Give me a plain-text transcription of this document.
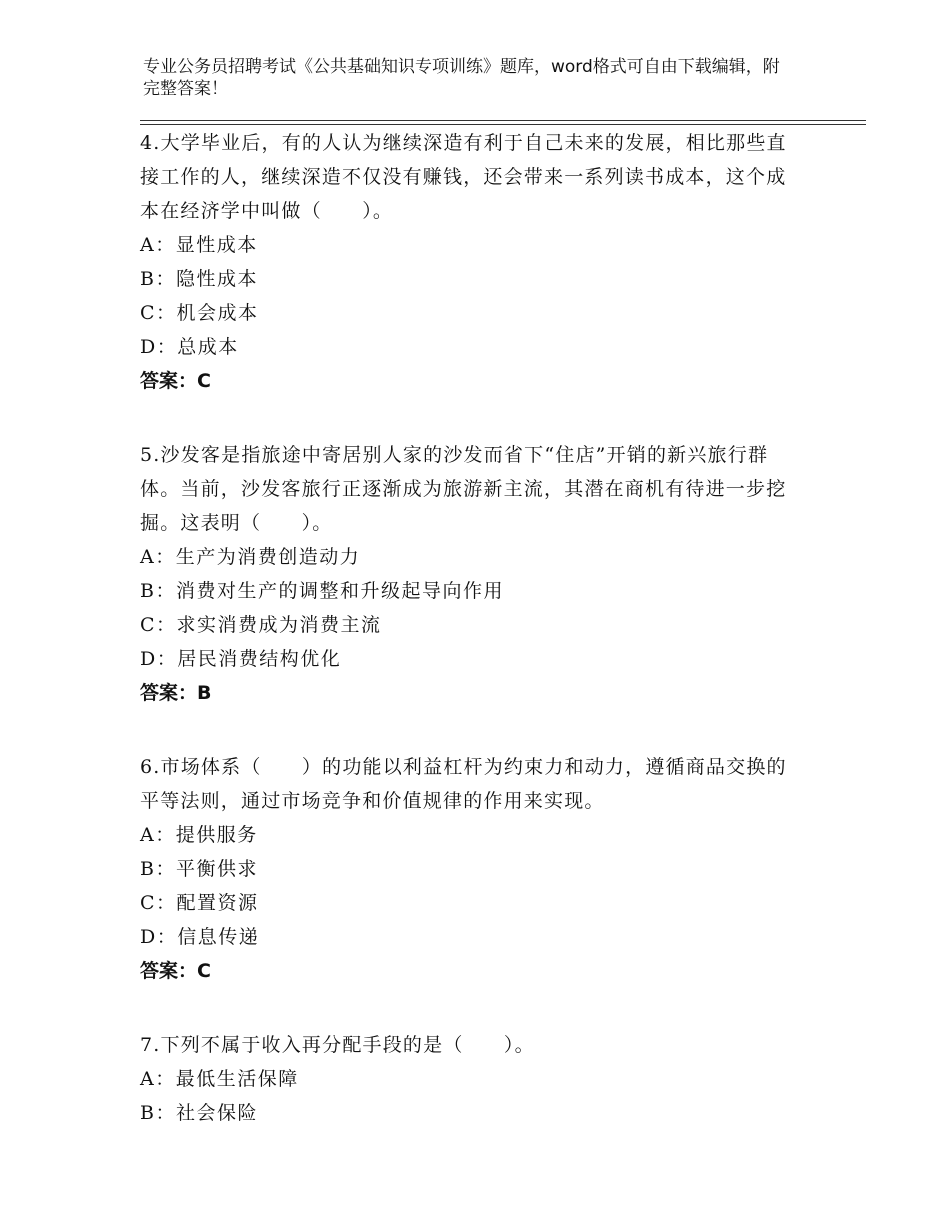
专业公务员招聘考试《公共基础知识专项训练》题库，word格式可自由下载编辑，附完整答案！

4.大学毕业后，有的人认为继续深造有利于自己未来的发展，相比那些直接工作的人，继续深造不仅没有赚钱，还会带来一系列读书成本，这个成本在经济学中叫做（　　）。

A：显性成本

B：隐性成本

C：机会成本

D：总成本

答案：C

5.沙发客是指旅途中寄居别人家的沙发而省下“住店”开销的新兴旅行群体。当前，沙发客旅行正逐渐成为旅游新主流，其潜在商机有待进一步挖掘。这表明（　　）。

A：生产为消费创造动力

B：消费对生产的调整和升级起导向作用

C：求实消费成为消费主流

D：居民消费结构优化

答案：B

6.市场体系（　　）的功能以利益杠杆为约束力和动力，遵循商品交换的平等法则，通过市场竞争和价值规律的作用来实现。

A：提供服务

B：平衡供求

C：配置资源

D：信息传递

答案：C

7.下列不属于收入再分配手段的是（　　）。

A：最低生活保障

B：社会保险
